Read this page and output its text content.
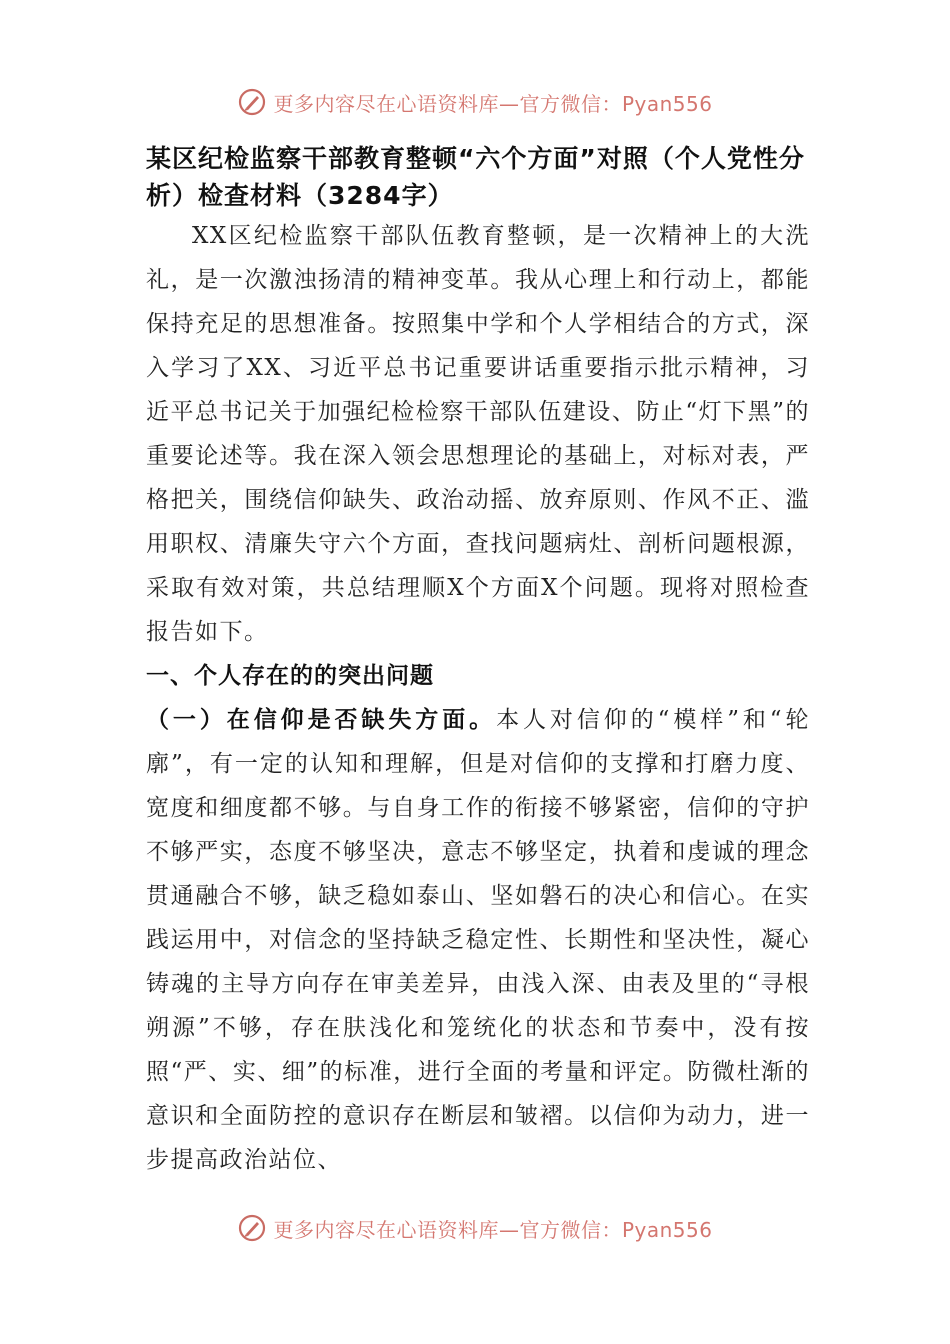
更多内容尽在心语资料库—官方微信：Pyan556
某区纪检监察干部教育整顿“六个方面”对照（个人党性分析）检查材料（3284字）

XX区纪检监察干部队伍教育整顿，是一次精神上的大洗礼，是一次激浊扬清的精神变革。我从心理上和行动上，都能保持充足的思想准备。按照集中学和个人学相结合的方式，深入学习了XX、习近平总书记重要讲话重要指示批示精神，习近平总书记关于加强纪检检察干部队伍建设、防止“灯下黑”的重要论述等。我在深入领会思想理论的基础上，对标对表，严格把关，围绕信仰缺失、政治动摇、放弃原则、作风不正、滥用职权、清廉失守六个方面，查找问题病灶、剖析问题根源，采取有效对策，共总结理顺X个方面X个问题。现将对照检查报告如下。

一、个人存在的的突出问题

（一）在信仰是否缺失方面。本人对信仰的“模样”和“轮廓”，有一定的认知和理解，但是对信仰的支撑和打磨力度、宽度和细度都不够。与自身工作的衔接不够紧密，信仰的守护不够严实，态度不够坚决，意志不够坚定，执着和虔诚的理念贯通融合不够，缺乏稳如泰山、坚如磐石的决心和信心。在实践运用中，对信念的坚持缺乏稳定性、长期性和坚决性，凝心铸魂的主导方向存在审美差异，由浅入深、由表及里的“寻根朔源”不够，存在肤浅化和笼统化的状态和节奏中，没有按照“严、实、细”的标准，进行全面的考量和评定。防微杜渐的意识和全面防控的意识存在断层和皱褶。以信仰为动力，进一步提高政治站位、

更多内容尽在心语资料库—官方微信：Pyan556
